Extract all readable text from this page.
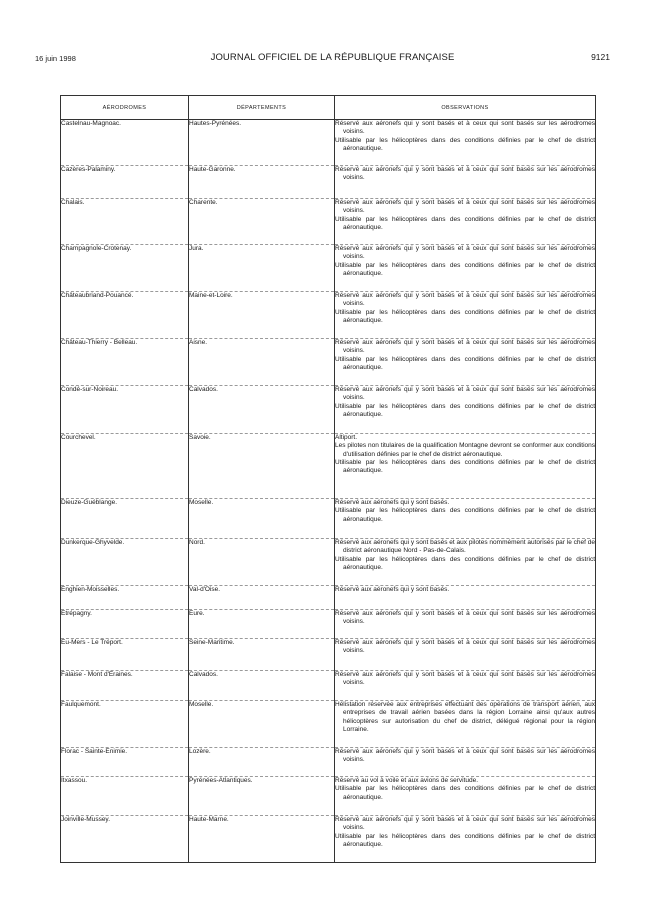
16 juin 1998	JOURNAL OFFICIEL DE LA RÉPUBLIQUE FRANÇAISE	9121
AÉRODROMES	DÉPARTEMENTS	OBSERVATIONS
Castelnau-Magnoac.	Hautes-Pyrénées.	Réservé aux aéronefs qui y sont basés et à ceux qui sont basés sur les aérodromes voisins.

Utilisable par les hélicoptères dans des conditions définies par le chef de district aéronautique.

Cazères-Palaminy.	Haute-Garonne.	Réservé aux aéronefs qui y sont basés et à ceux qui sont basés sur les aérodromes voisins.

Chalais.	Charente.	Réservé aux aéronefs qui y sont basés et à ceux qui sont basés sur les aérodromes voisins.

Utilisable par les hélicoptères dans des conditions définies par le chef de district aéronautique.

Champagnole-Crotenay.	Jura.	Réservé aux aéronefs qui y sont basés et à ceux qui sont basés sur les aérodromes voisins.

Utilisable par les hélicoptères dans des conditions définies par le chef de district aéronautique.

Châteaubriand-Pouancé.	Maine-et-Loire.	Réservé aux aéronefs qui y sont basés et à ceux qui sont basés sur les aérodromes voisins.

Utilisable par les hélicoptères dans des conditions définies par le chef de district aéronautique.

Château-Thierry - Belleau.	Aisne.	Réservé aux aéronefs qui y sont basés et à ceux qui sont basés sur les aérodromes voisins.

Utilisable par les hélicoptères dans des conditions définies par le chef de district aéronautique.

Condé-sur-Noireau.	Calvados.	Réservé aux aéronefs qui y sont basés et à ceux qui sont basés sur les aérodromes voisins.

Utilisable par les hélicoptères dans des conditions définies par le chef de district aéronautique.

Courchevel.	Savoie.	Altiport.

Les pilotes non titulaires de la qualification Montagne devront se conformer aux conditions d'utilisation définies par le chef de district aéronautique.

Utilisable par les hélicoptères dans des conditions définies par le chef de district aéronautique.

Dieuze-Guéblange.	Moselle.	Réservé aux aéronefs qui y sont basés.

Utilisable par les hélicoptères dans des conditions définies par le chef de district aéronautique.

Dunkerque-Ghyvelde.	Nord.	Réservé aux aéronefs qui y sont basés et aux pilotes nommément autorisés par le chef de district aéronautique Nord - Pas-de-Calais.

Utilisable par les hélicoptères dans des conditions définies par le chef de district aéronautique.

Enghien-Moisselles.	Val-d'Oise.	Réservé aux aéronefs qui y sont basés.

Etrépagny.	Eure.	Réservé aux aéronefs qui y sont basés et à ceux qui sont basés sur les aérodromes voisins.

Eu-Mers - Le Tréport.	Seine-Maritime.	Réservé aux aéronefs qui y sont basés et à ceux qui sont basés sur les aérodromes voisins.

Falaise - Mont d'Eraines.	Calvados.	Réservé aux aéronefs qui y sont basés et à ceux qui sont basés sur les aérodromes voisins.

Faulquemont.	Moselle.	Hélistation réservée aux entreprises effectuant des opérations de transport aérien, aux entreprises de travail aérien basées dans la région Lorraine ainsi qu'aux autres hélicoptères sur autorisation du chef de district, délégué régional pour la région Lorraine.

Florac - Sainte-Enimie.	Lozère.	Réservé aux aéronefs qui y sont basés et à ceux qui sont basés sur les aérodromes voisins.

Itxassou.	Pyrénées-Atlantiques.	Réservé au vol à voile et aux avions de servitude.

Utilisable par les hélicoptères dans des conditions définies par le chef de district aéronautique.

Joinville-Mussey.	Haute-Marne.	Réservé aux aéronefs qui y sont basés et à ceux qui sont basés sur les aérodromes voisins.

Utilisable par les hélicoptères dans des conditions définies par le chef de district aéronautique.
